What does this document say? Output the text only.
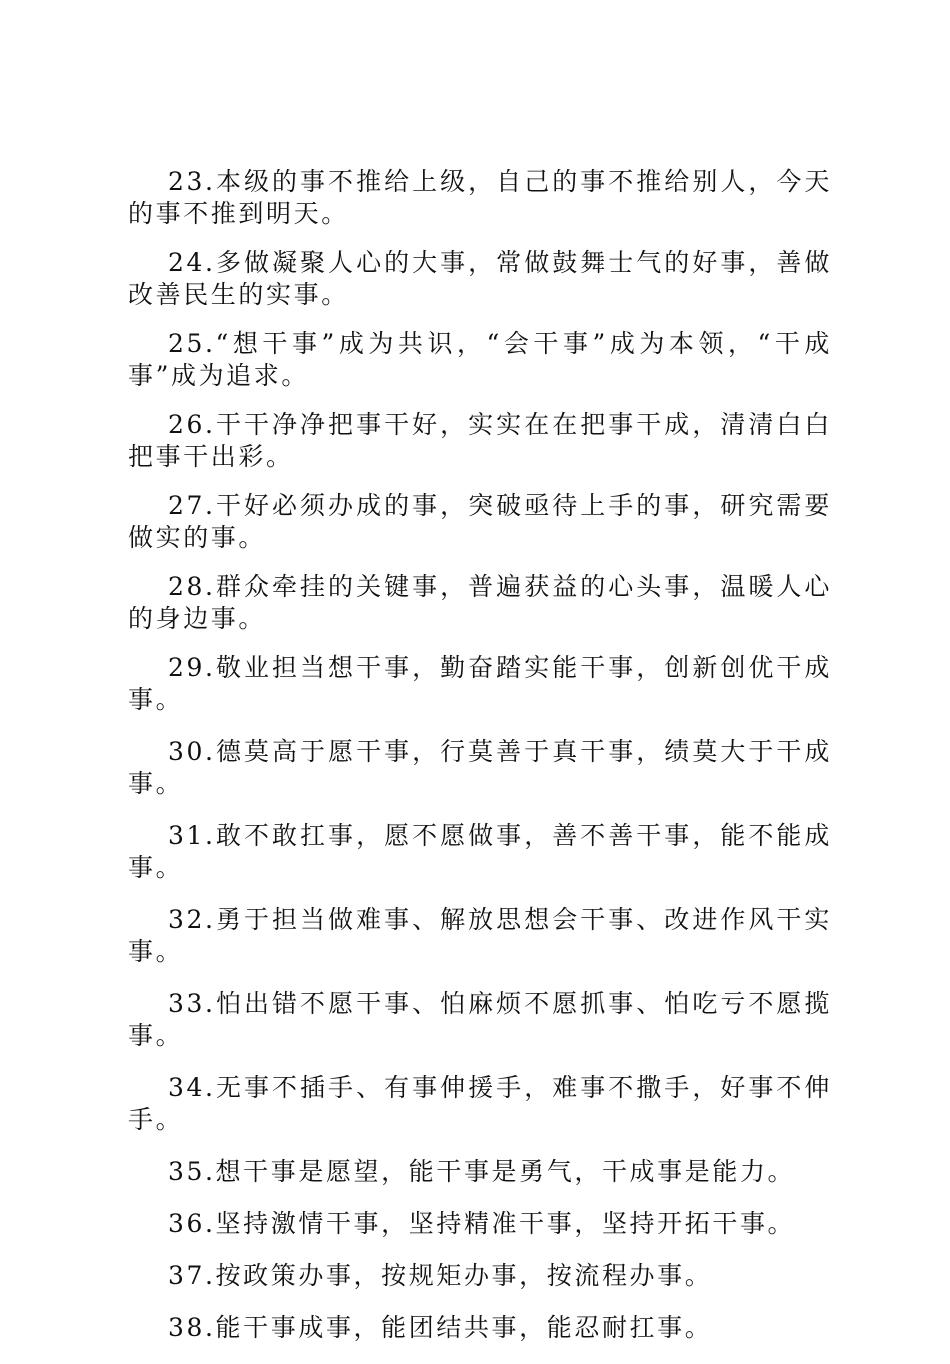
23.本级的事不推给上级，自己的事不推给别人，今天的事不推到明天。

24.多做凝聚人心的大事，常做鼓舞士气的好事，善做改善民生的实事。

25.“想干事”成为共识，“会干事”成为本领，“干成事”成为追求。

26.干干净净把事干好，实实在在把事干成，清清白白把事干出彩。

27.干好必须办成的事，突破亟待上手的事，研究需要做实的事。

28.群众牵挂的关键事，普遍获益的心头事，温暖人心的身边事。

29.敬业担当想干事，勤奋踏实能干事，创新创优干成事。

30.德莫高于愿干事，行莫善于真干事，绩莫大于干成事。

31.敢不敢扛事，愿不愿做事，善不善干事，能不能成事。

32.勇于担当做难事、解放思想会干事、改进作风干实事。

33.怕出错不愿干事、怕麻烦不愿抓事、怕吃亏不愿揽事。

34.无事不插手、有事伸援手，难事不撒手，好事不伸手。

35.想干事是愿望，能干事是勇气，干成事是能力。

36.坚持激情干事，坚持精准干事，坚持开拓干事。

37.按政策办事，按规矩办事，按流程办事。

38.能干事成事，能团结共事，能忍耐扛事。
